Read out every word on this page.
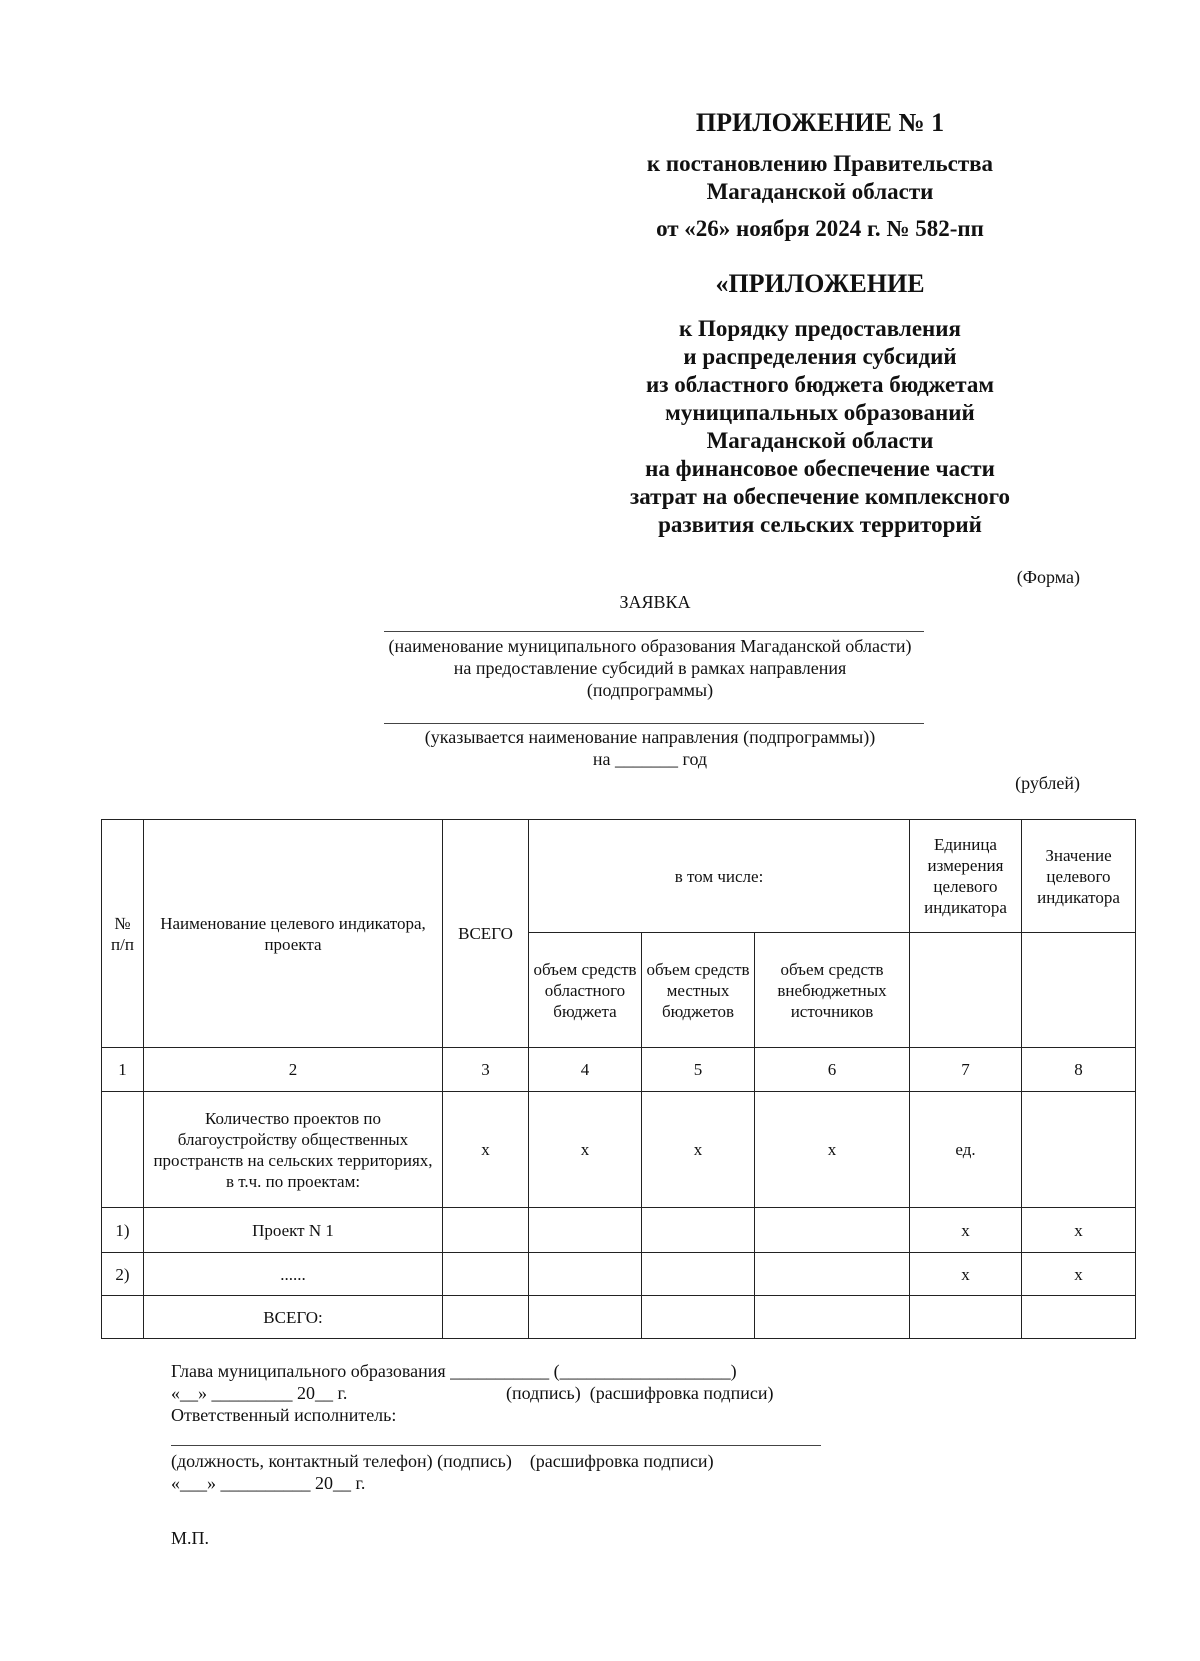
ПРИЛОЖЕНИЕ № 1
к постановлению Правительства
Магаданской области
от «26» ноября 2024 г. № 582-пп
«ПРИЛОЖЕНИЕ
к Порядку предоставления
и распределения субсидий
из областного бюджета бюджетам
муниципальных образований
Магаданской области
на финансовое обеспечение части
затрат на обеспечение комплексного
развития сельских территорий
(Форма)
ЗАЯВКА
(наименование муниципального образования Магаданской области)
на предоставление субсидий в рамках направления
(подпрограммы)
(указывается наименование направления (подпрограммы))
на _______ год
(рублей)
№ п/п	Наименование целевого индикатора, проекта	ВСЕГО	в том числе:			Единица измерения целевого индикатора	Значение целевого индикатора
			объем средств областного бюджета	объем средств местных бюджетов	объем средств внебюджетных источников		
1	2	3	4	5	6	7	8
	Количество проектов по благоустройству общественных пространств на сельских территориях, в т.ч. по проектам:	х	х	х	х	ед.	
1)	Проект N 1					х	х
2)	......					х	х
	ВСЕГО:						
Глава муниципального образования ___________ (___________________)
«__» _________ 20__ г.	(подпись)  (расшифровка подписи)
Ответственный исполнитель:
(должность, контактный телефон) (подпись)    (расшифровка подписи)
«___» __________ 20__ г.
М.П.
